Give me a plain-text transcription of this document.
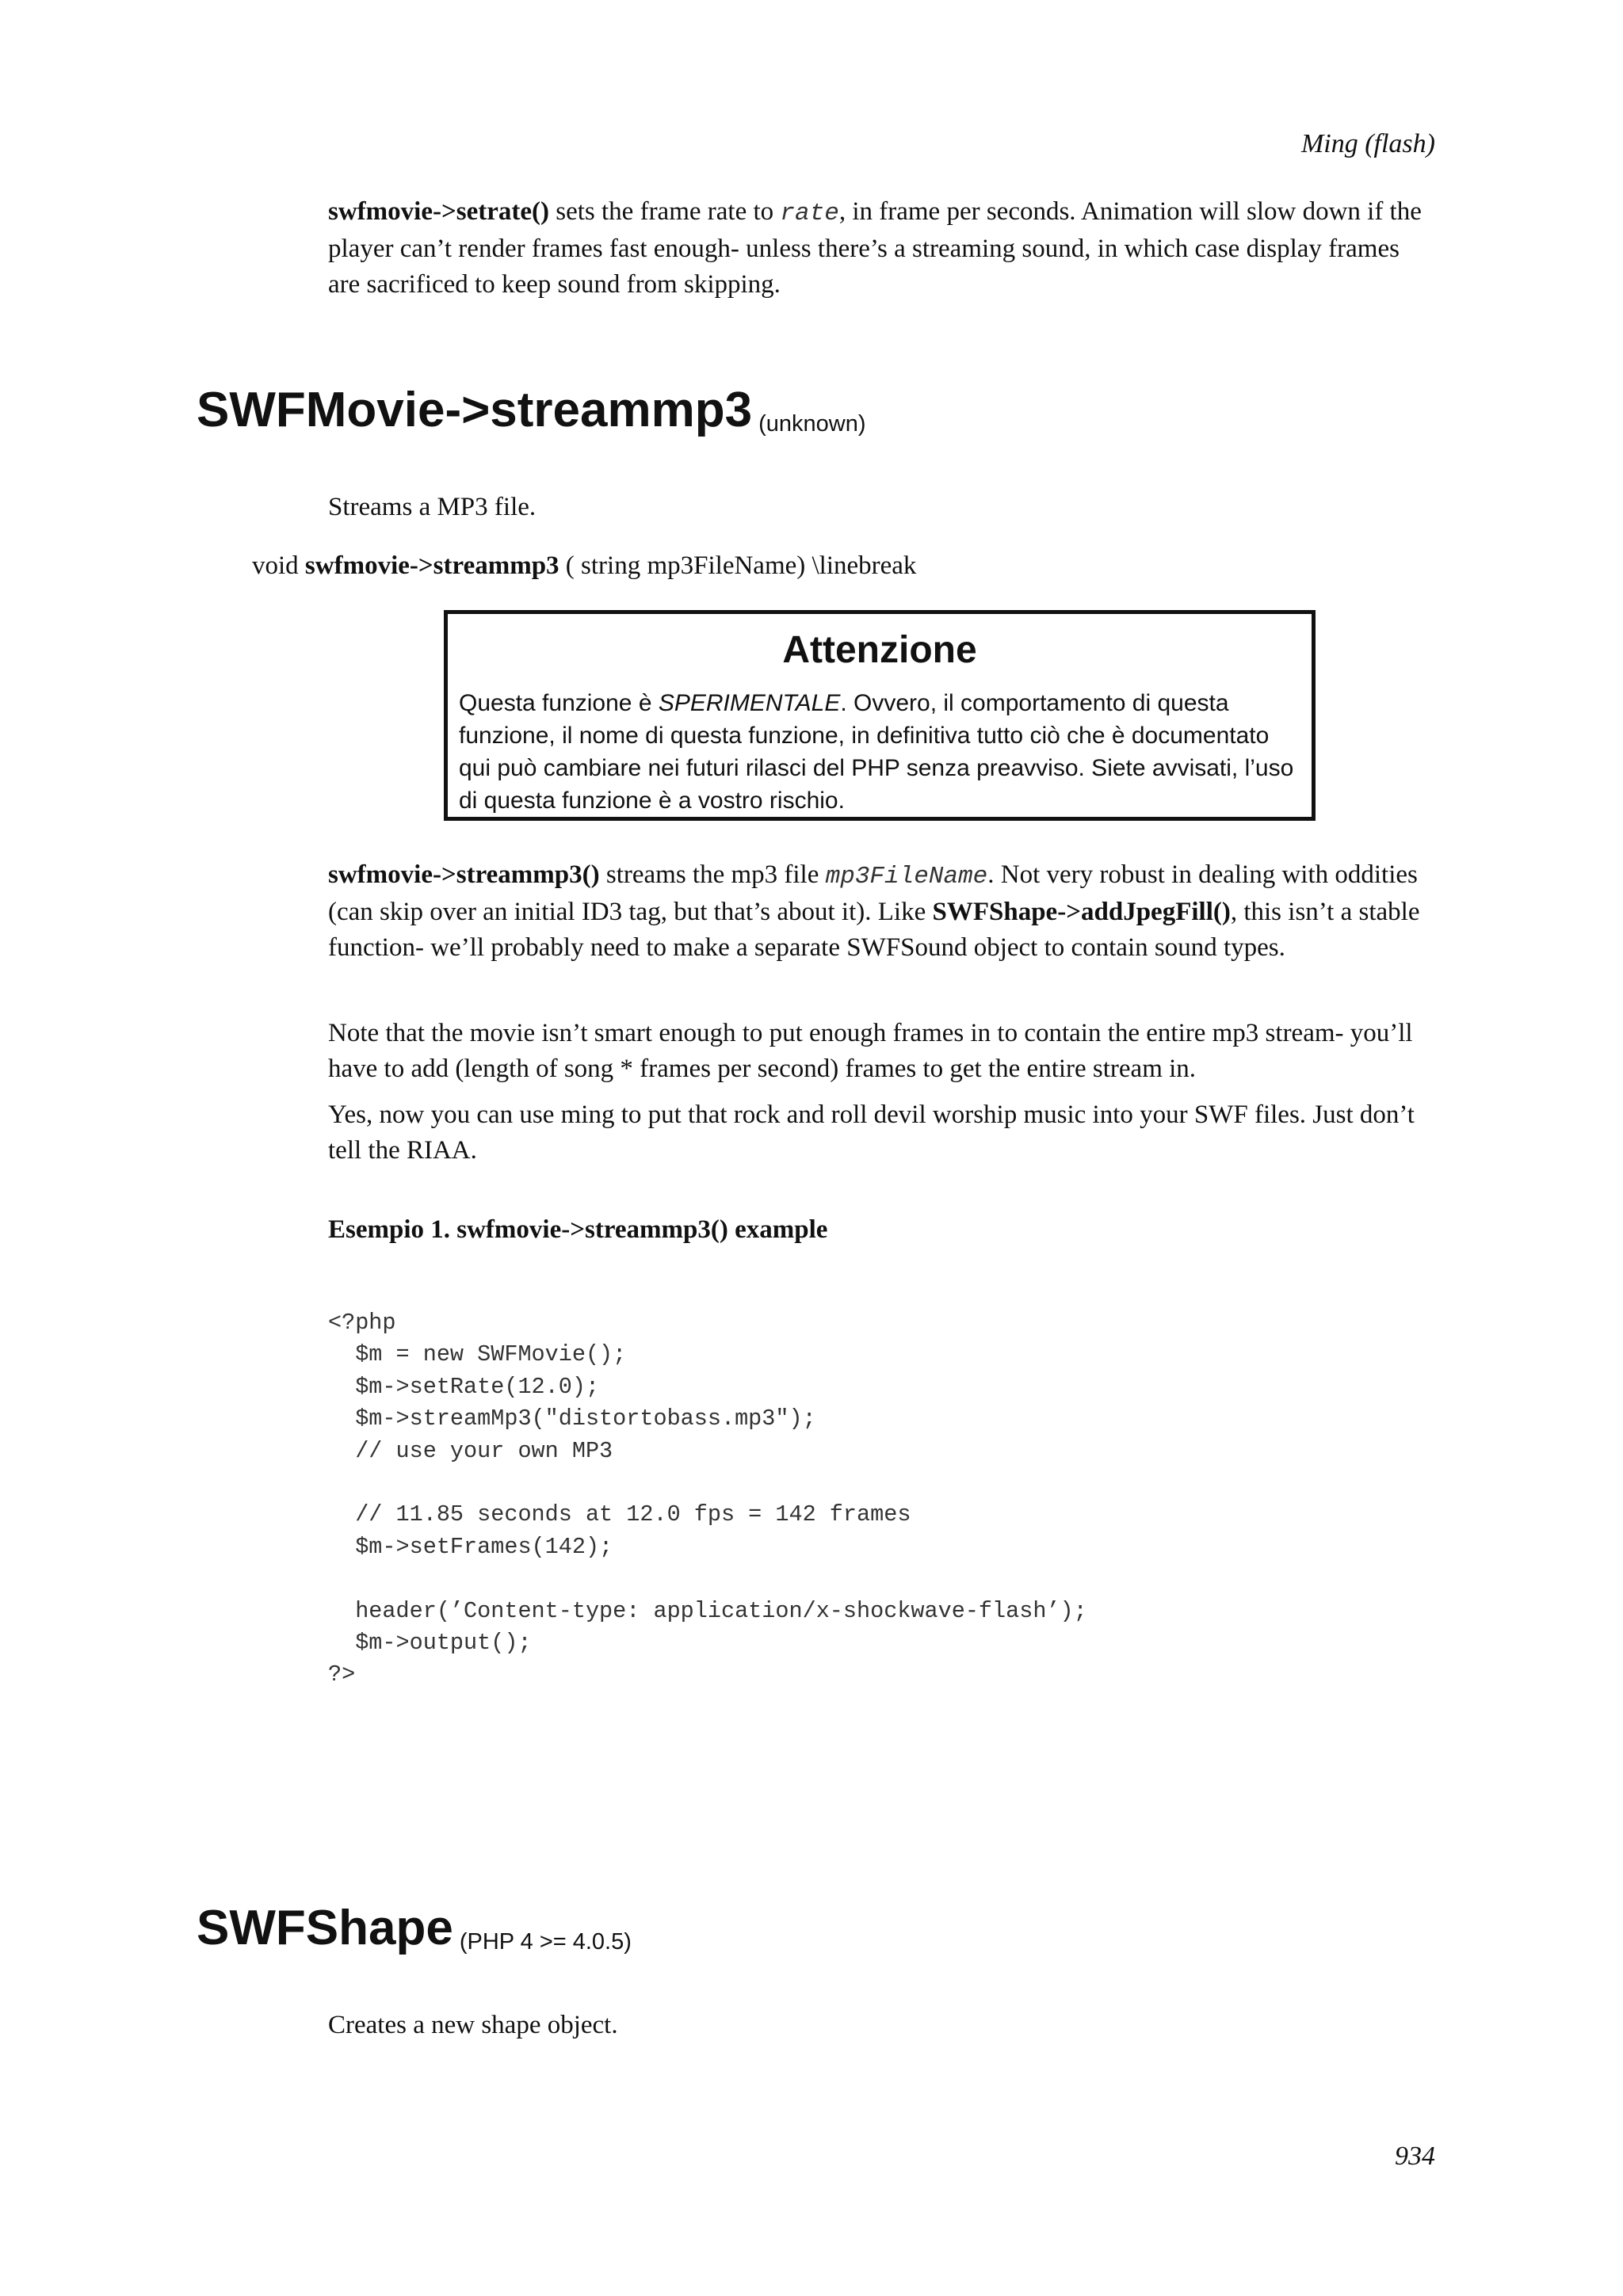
Ming (flash)

swfmovie->setrate() sets the frame rate to rate, in frame per seconds. Animation will slow down if the player can’t render frames fast enough- unless there’s a streaming sound, in which case display frames are sacrificed to keep sound from skipping.

SWFMovie->streammp3 (unknown)

Streams a MP3 file.

void swfmovie->streammp3 ( string mp3FileName) \linebreak

Attenzione
Questa funzione è SPERIMENTALE. Ovvero, il comportamento di questa funzione, il nome di questa funzione, in definitiva tutto ciò che è documentato qui può cambiare nei futuri rilasci del PHP senza preavviso. Siete avvisati, l’uso di questa funzione è a vostro rischio.

swfmovie->streammp3() streams the mp3 file mp3FileName. Not very robust in dealing with oddities (can skip over an initial ID3 tag, but that’s about it). Like SWFShape->addJpegFill(), this isn’t a stable function- we’ll probably need to make a separate SWFSound object to contain sound types.

Note that the movie isn’t smart enough to put enough frames in to contain the entire mp3 stream- you’ll have to add (length of song * frames per second) frames to get the entire stream in.

Yes, now you can use ming to put that rock and roll devil worship music into your SWF files. Just don’t tell the RIAA.

Esempio 1. swfmovie->streammp3() example
<?php
$m = new SWFMovie();
$m->setRate(12.0);
$m->streamMp3("distortobass.mp3");
// use your own MP3

// 11.85 seconds at 12.0 fps = 142 frames
$m->setFrames(142);

header(’Content-type: application/x-shockwave-flash’);
$m->output();
?>
SWFShape (PHP 4 >= 4.0.5)

Creates a new shape object.

934
